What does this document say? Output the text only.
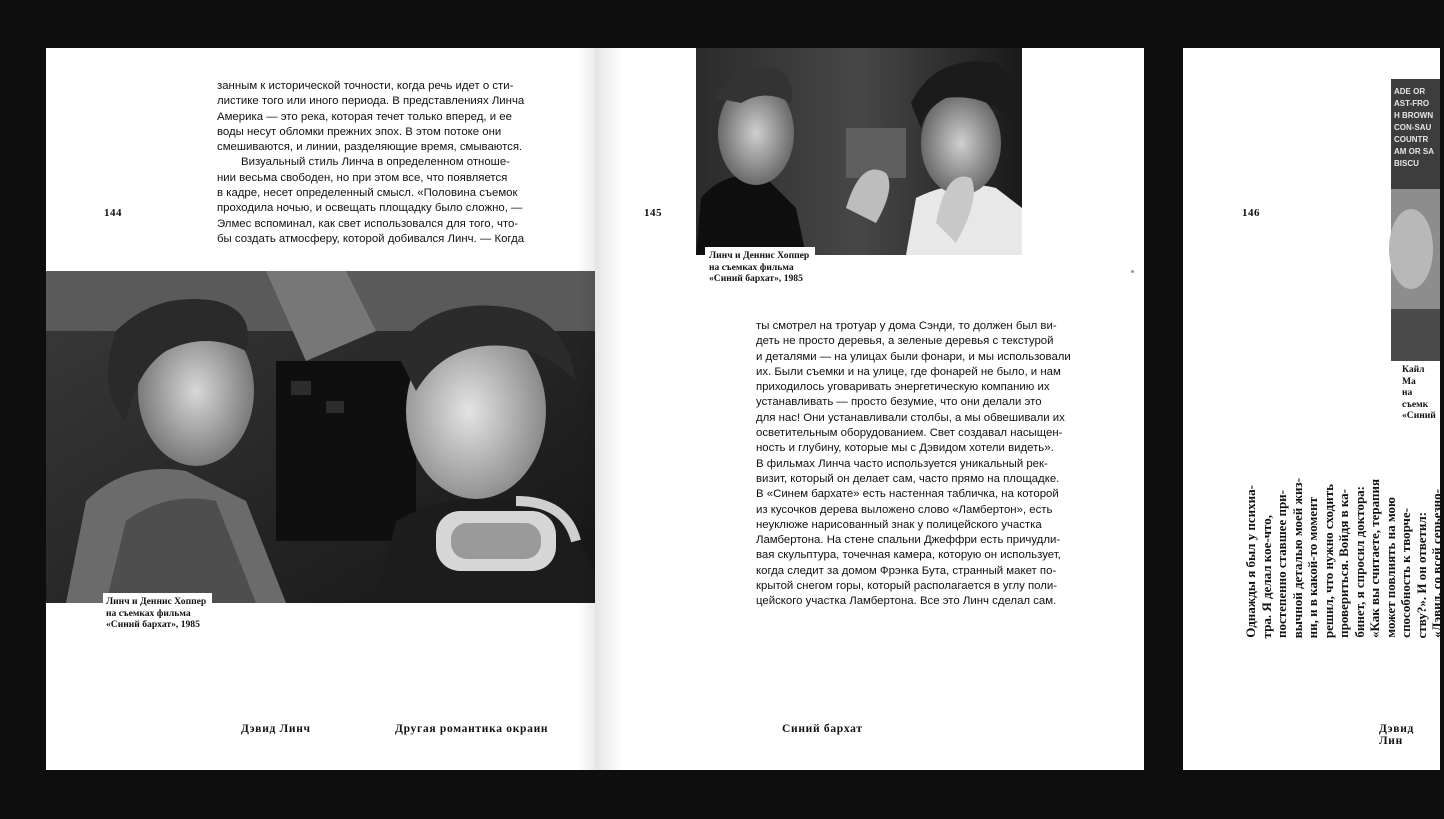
144
занным к исторической точности, когда речь идет о сти-
листике того или иного периода. В представлениях Линча
Америка — это река, которая течет только вперед, и ее
воды несут обломки прежних эпох. В этом потоке они
смешиваются, и линии, разделяющие время, смываются.
Визуальный стиль Линча в определенном отноше-
нии весьма свободен, но при этом все, что появляется
в кадре, несет определенный смысл. «Половина съемок
проходила ночью, и освещать площадку было сложно, —
Элмес вспоминал, как свет использовался для того, что-
бы создать атмосферу, которой добивался Линч. — Когда
Линч и Деннис Хоппер
на съемках фильма
«Синий бархат», 1985
Дэвид Линч	Другая романтика окраин
145
Линч и Деннис Хоппер
на съемках фильма
«Синий бархат», 1985
ты смотрел на тротуар у дома Сэнди, то должен был ви-
деть не просто деревья, а зеленые деревья с текстурой
и деталями — на улицах были фонари, и мы использовали
их. Были съемки и на улице, где фонарей не было, и нам
приходилось уговаривать энергетическую компанию их
устанавливать — просто безумие, что они делали это
для нас! Они устанавливали столбы, а мы обвешивали их
осветительным оборудованием. Свет создавал насыщен-
ность и глубину, которые мы с Дэвидом хотели видеть».
В фильмах Линча часто используется уникальный рек-
визит, который он делает сам, часто прямо на площадке.
В «Синем бархате» есть настенная табличка, на которой
из кусочков дерева выложено слово «Ламбертон», есть
неуклюже нарисованный знак у полицейского участка
Ламбертона. На стене спальни Джеффри есть причудли-
вая скульптура, точечная камера, которую он использует,
когда следит за домом Фрэнка Бута, странный макет по-
крытой снегом горы, который располагается в углу поли-
цейского участка Ламбертона. Все это Линч сделал сам.
Синий бархат
146
ADE OR
AST-FRO
H BROWN
CON-SAU
COUNTR
AM OR SA
BISCU
Кайл Ма
на съемк
«Синий
Однажды я был у психиа- тра. Я делал кое-что, постепенно ставшее при- вычной деталью моей жиз- ни, и в какой-то момент решил, что нужно сходить провериться. Войдя в ка- бинет, я спросил доктора: «Как вы считаете, терапия может повлиять на мою способность к творче- ству?». И он ответил: «Дэвид, со всей серьезно-
Дэвид Лин
